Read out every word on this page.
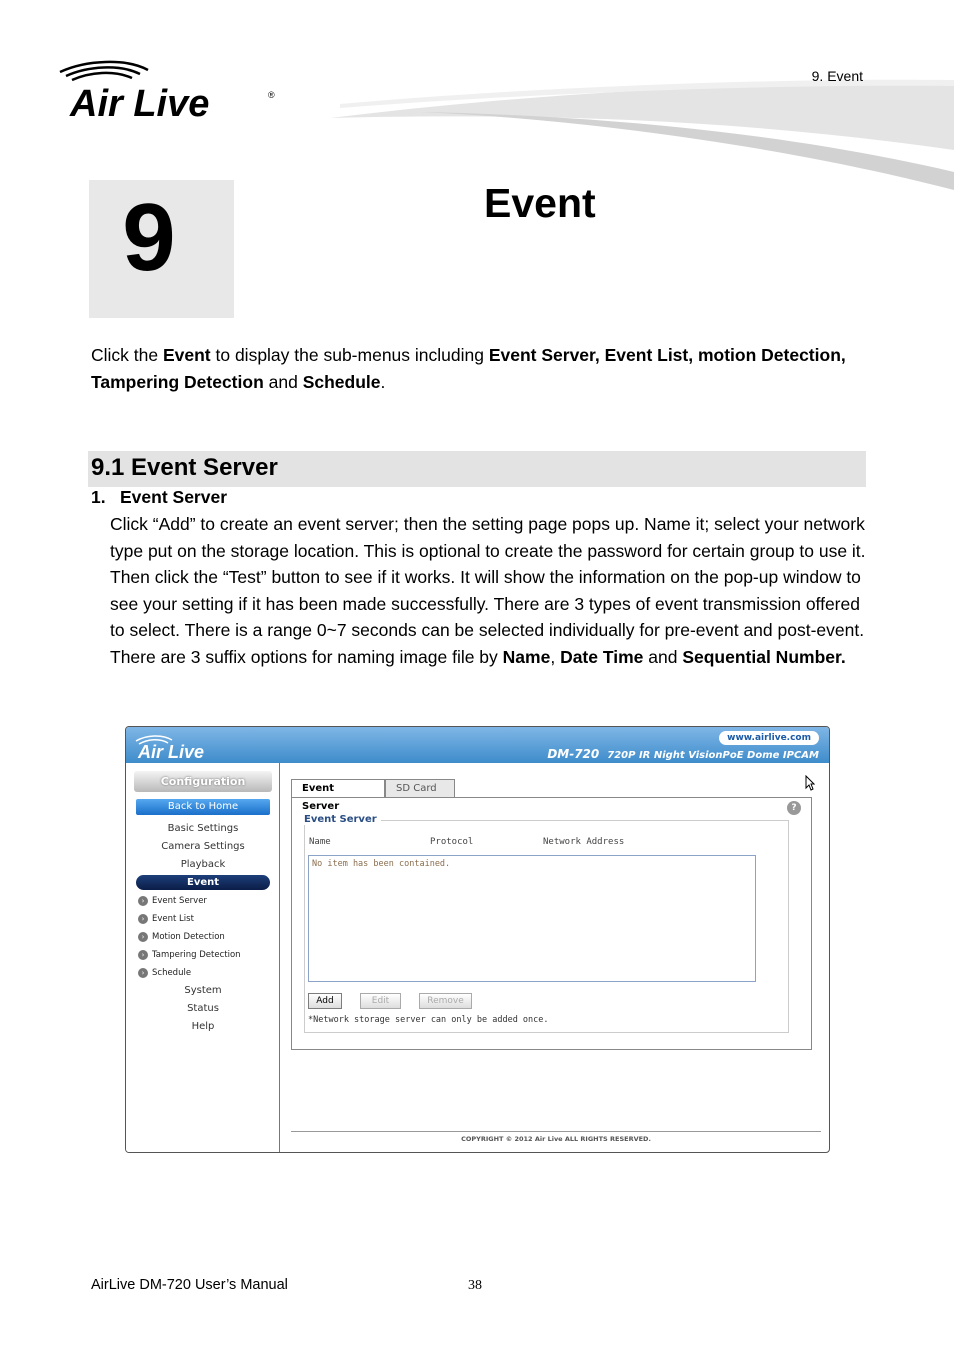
Air Live	®
9. Event
9	Event

Click the Event to display the sub-menus including Event Server, Event List, motion Detection, Tampering Detection and Schedule.

9.1 Event Server
1. Event Server

Click “Add” to create an event server; then the setting page pops up. Name it; select your network type put on the storage location. This is optional to create the password for certain group to use it. Then click the “Test” button to see if it works. It will show the information on the pop-up window to see your setting if it has been made successfully. There are 3 types of event transmission offered to select. There is a range 0~7 seconds can be selected individually for pre-event and post-event. There are 3 suffix options for naming image file by Name, Date Time and Sequential Number.

Air Live
www.airlive.com
DM-720 720P IR Night VisionPoE Dome IPCAM
Configuration
Back to Home
Basic Settings
Camera Settings
Playback
Event
› Event Server
› Event List
› Motion Detection
› Tampering Detection
› Schedule
System
Status
Help
Event Server
SD Card
?
Event Server
Name	Protocol	Network Address
No item has been contained.
Add	Edit	Remove
*Network storage server can only be added once.
COPYRIGHT © 2012 Air Live ALL RIGHTS RESERVED.
AirLive DM-720 User’s Manual	38
